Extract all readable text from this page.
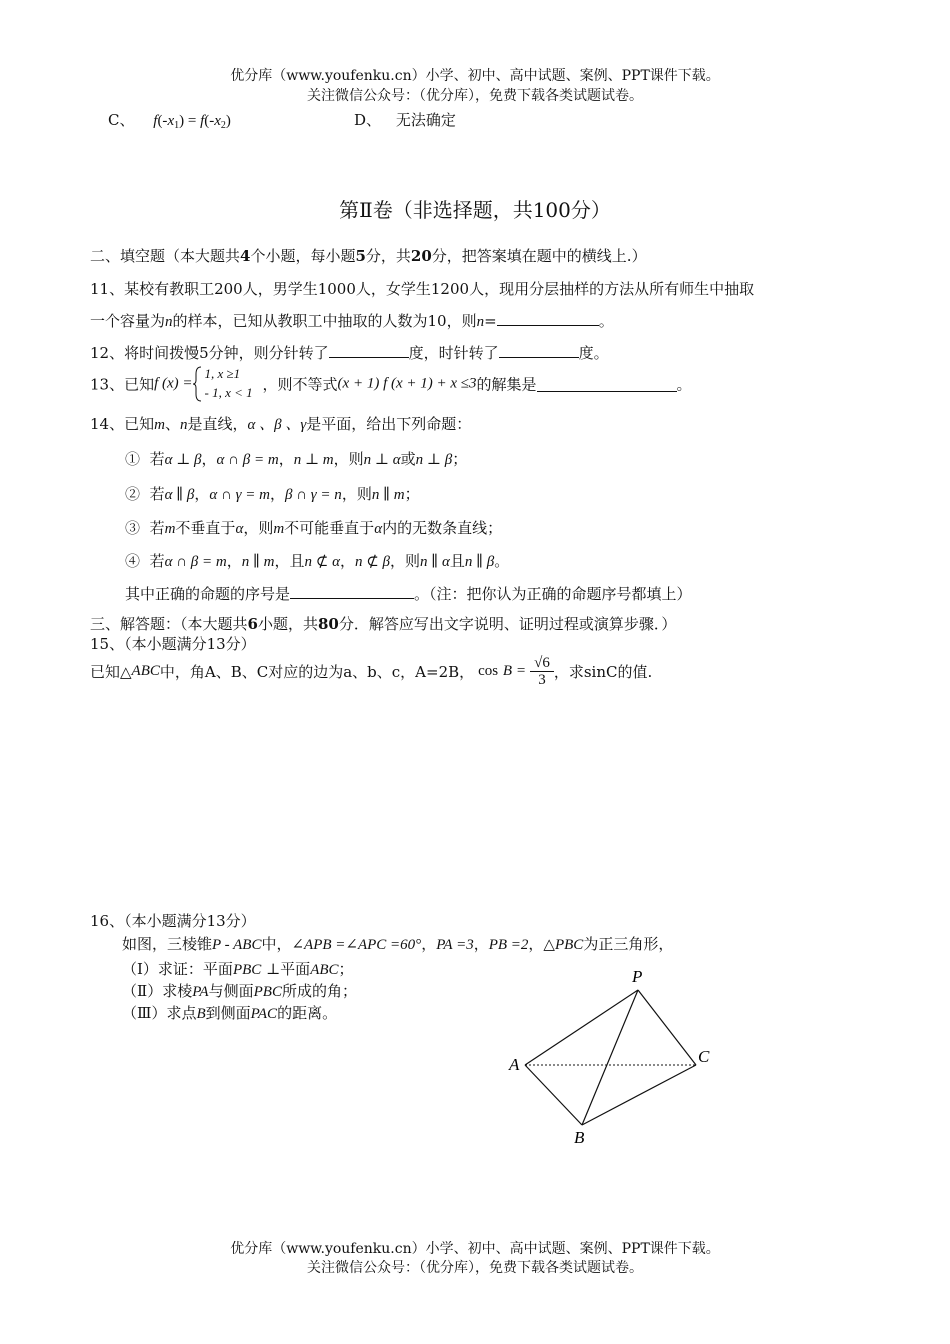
优分库（www.youfenku.cn）小学、初中、高中试题、案例、PPT课件下载。
关注微信公众号：（优分库），免费下载各类试题试卷。
C、 $f(-x_1) = f(-x_2)$	D、 无法确定
第Ⅱ卷（非选择题，共100分）
二、填空题（本大题共4个小题，每小题5分，共20分，把答案填在题中的横线上.）
11、某校有教职工200人，男学生1000人，女学生1200人，现用分层抽样的方法从所有师生中抽取
一个容量为n的样本，已知从教职工中抽取的人数为10，则n=	。
12、将时间拨慢5分钟，则分针转了	度，时针转了	度。
13、已知f (x) =
1, x ≥1
- 1, x < 1 ，则不等式(x + 1) f (x + 1) + x ≤3的解集是	。
14、已知m、n是直线，α 、β 、γ是平面，给出下列命题：
① 若α ⊥ β，α ∩ β = m，n ⊥ m，则n ⊥ α或n ⊥ β；
② 若α ∥ β，α ∩ γ = m，β ∩ γ = n，则n ∥ m；
③ 若m不垂直于α，则m不可能垂直于α内的无数条直线；
④ 若α ∩ β = m，n ∥ m，且n ⊄ α，n ⊄ β，则n ∥ α且n ∥ β。
其中正确的命题的序号是	。（注：把你认为正确的命题序号都填上）
三、解答题：（本大题共6小题，共80分．解答应写出文字说明、证明过程或演算步骤．）
15、（本小题满分13分）
已知△ABC中，角A、B、C对应的边为a、b、c，A=2B， $\cos B = \frac{√6}{3}$ ，求sinC的值.
16、（本小题满分13分）
如图，三棱锥P - ABC中，∠APB =∠APC =60°，PA =3，PB =2，△PBC为正三角形，
（Ⅰ）求证：平面PBC ⊥平面ABC；
（Ⅱ）求棱PA与侧面PBC所成的角；
（Ⅲ）求点B到侧面PAC的距离。
P
A
B
C
优分库（www.youfenku.cn）小学、初中、高中试题、案例、PPT课件下载。
关注微信公众号：（优分库），免费下载各类试题试卷。
